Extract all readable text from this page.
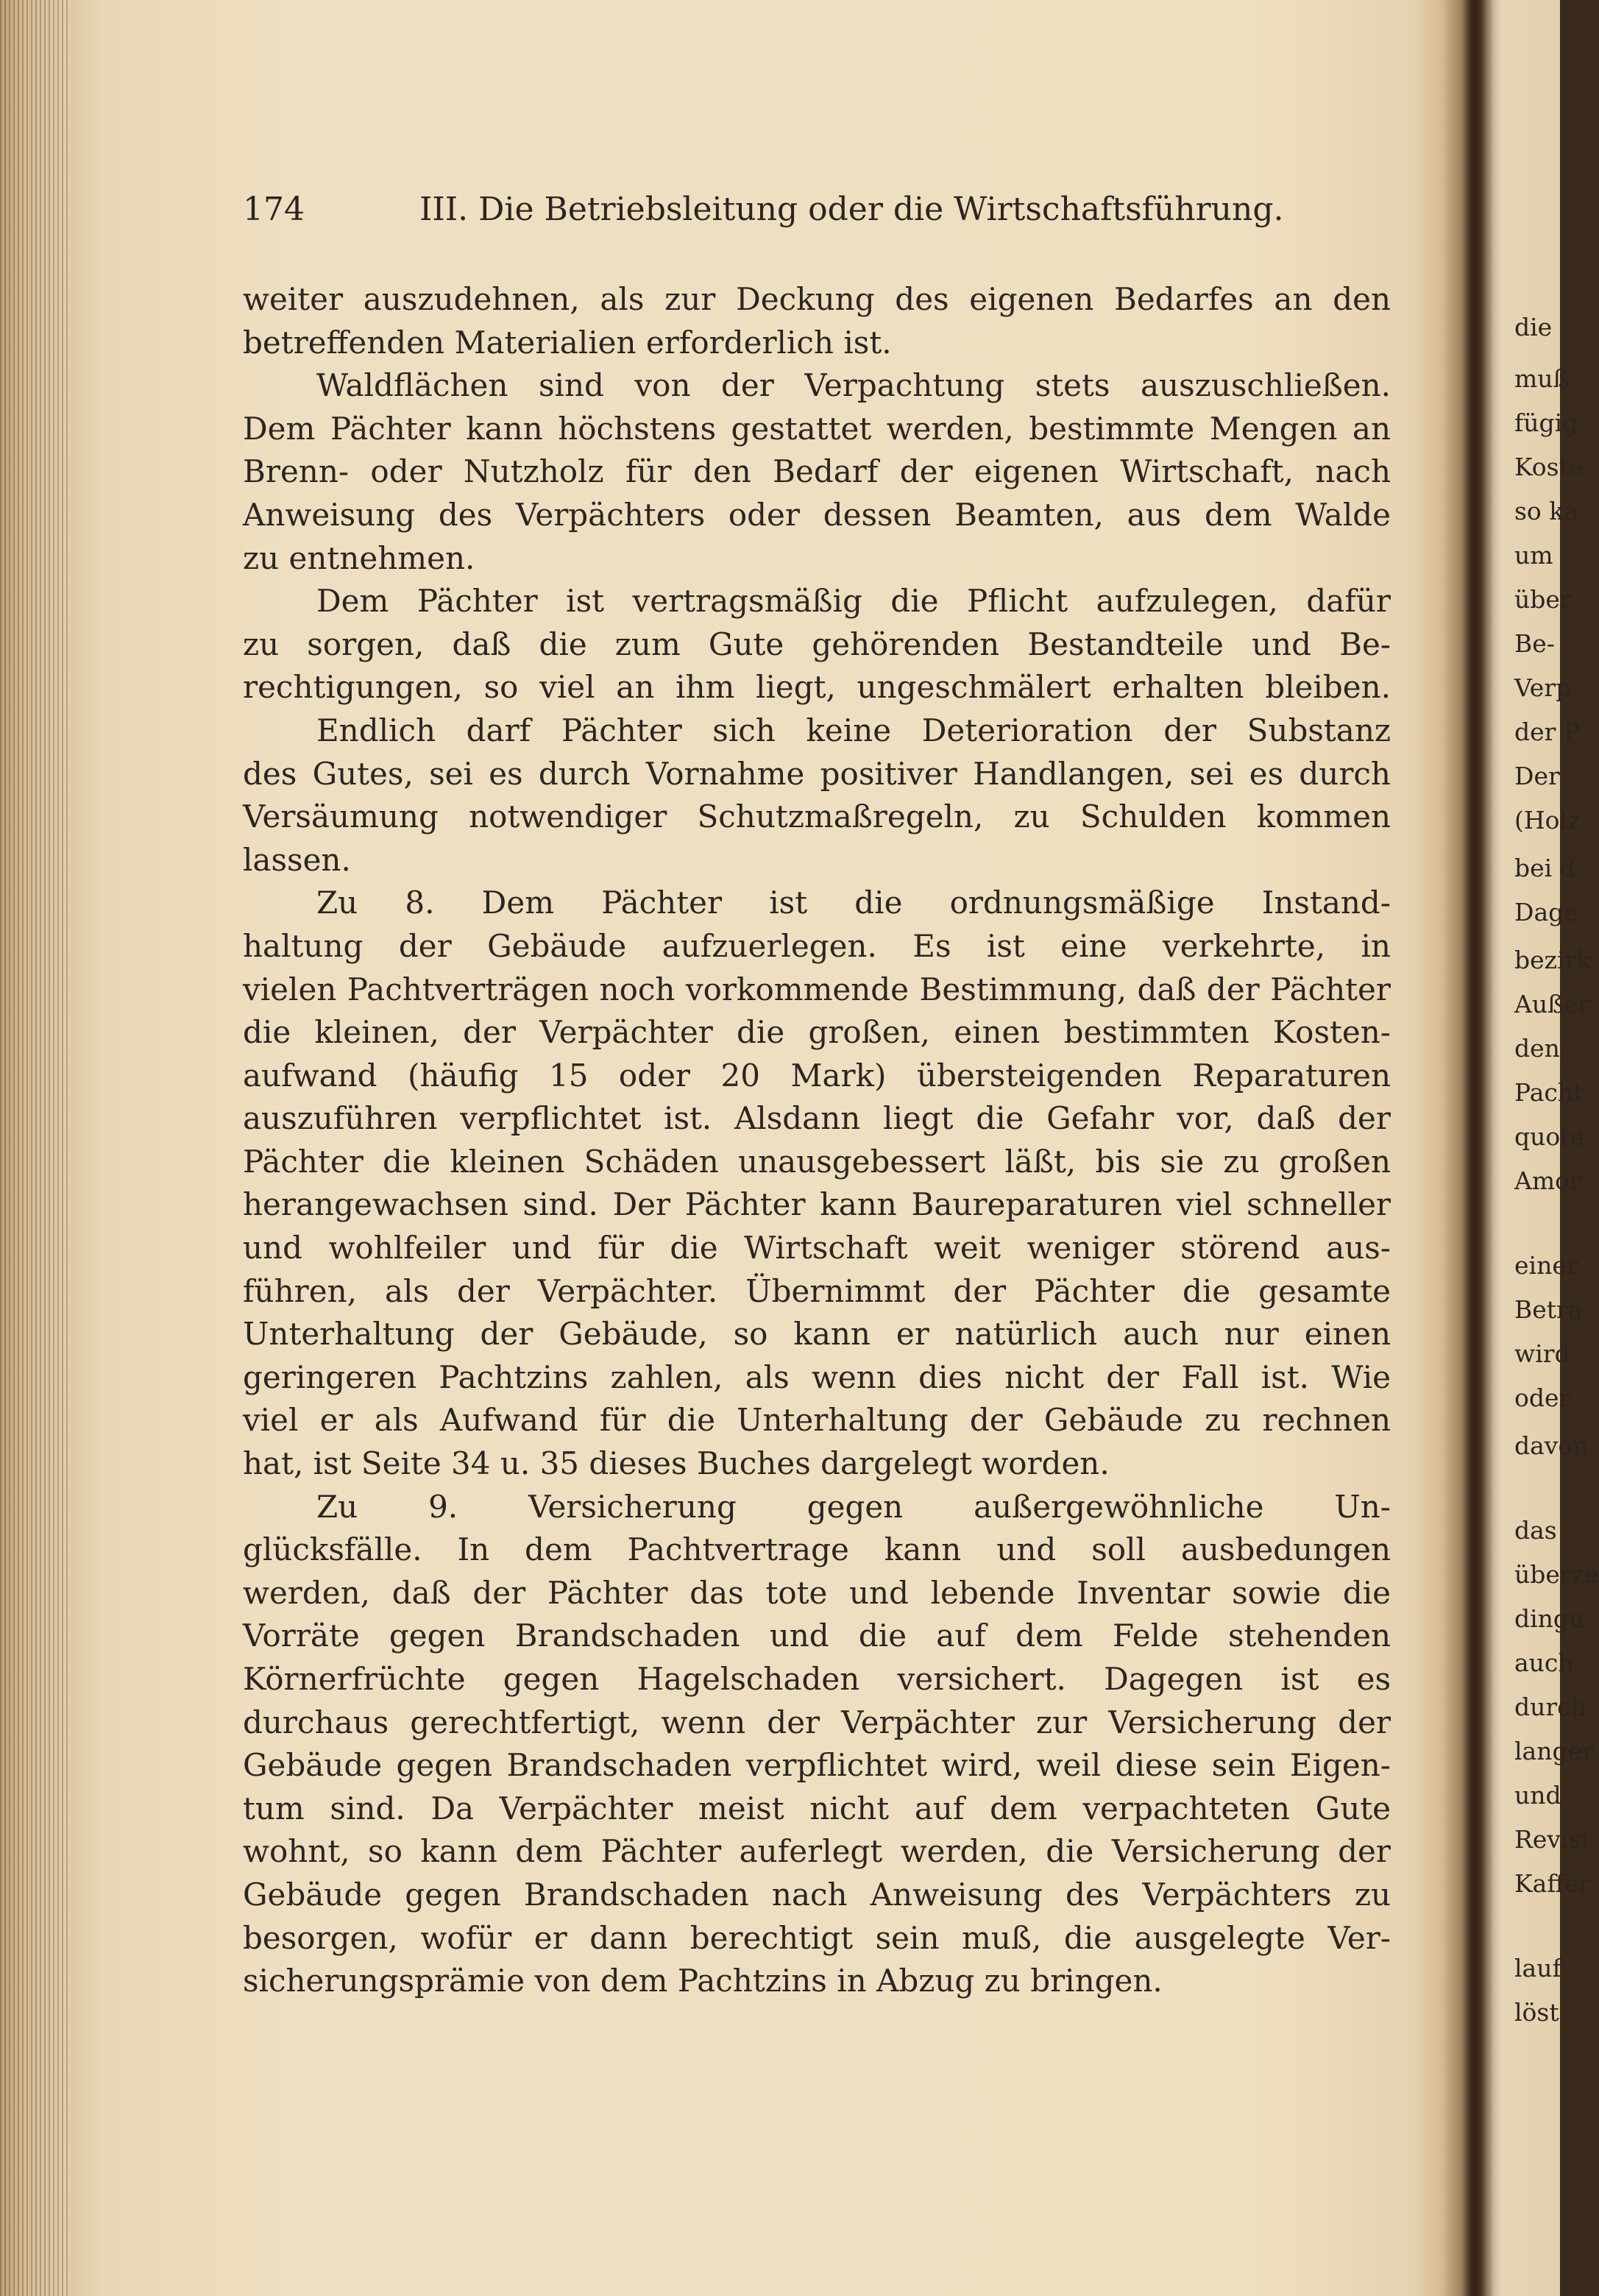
174	III. Die Betriebsleitung oder die Wirtschaftsführung.
weiter auszudehnen, als zur Deckung des eigenen Bedarfes an den
betreffenden Materialien erforderlich ist.
Waldflächen sind von der Verpachtung stets auszuschließen.
Dem Pächter kann höchstens gestattet werden, bestimmte Mengen an
Brenn- oder Nutzholz für den Bedarf der eigenen Wirtschaft, nach
Anweisung des Verpächters oder dessen Beamten, aus dem Walde
zu entnehmen.
Dem Pächter ist vertragsmäßig die Pflicht aufzulegen, dafür
zu sorgen, daß die zum Gute gehörenden Bestandteile und Be-
rechtigungen, so viel an ihm liegt, ungeschmälert erhalten bleiben.
Endlich darf Pächter sich keine Deterioration der Substanz
des Gutes, sei es durch Vornahme positiver Handlangen, sei es durch
Versäumung notwendiger Schutzmaßregeln, zu Schulden kommen
lassen.
Zu 8. Dem Pächter ist die ordnungsmäßige Instand-
haltung der Gebäude aufzuerlegen. Es ist eine verkehrte, in
vielen Pachtverträgen noch vorkommende Bestimmung, daß der Pächter
die kleinen, der Verpächter die großen, einen bestimmten Kosten-
aufwand (häufig 15 oder 20 Mark) übersteigenden Reparaturen
auszuführen verpflichtet ist. Alsdann liegt die Gefahr vor, daß der
Pächter die kleinen Schäden unausgebessert läßt, bis sie zu großen
herangewachsen sind. Der Pächter kann Baureparaturen viel schneller
und wohlfeiler und für die Wirtschaft weit weniger störend aus-
führen, als der Verpächter. Übernimmt der Pächter die gesamte
Unterhaltung der Gebäude, so kann er natürlich auch nur einen
geringeren Pachtzins zahlen, als wenn dies nicht der Fall ist. Wie
viel er als Aufwand für die Unterhaltung der Gebäude zu rechnen
hat, ist Seite 34 u. 35 dieses Buches dargelegt worden.
Zu 9. Versicherung gegen außergewöhnliche Un-
glücksfälle. In dem Pachtvertrage kann und soll ausbedungen
werden, daß der Pächter das tote und lebende Inventar sowie die
Vorräte gegen Brandschaden und die auf dem Felde stehenden
Körnerfrüchte gegen Hagelschaden versichert. Dagegen ist es
durchaus gerechtfertigt, wenn der Verpächter zur Versicherung der
Gebäude gegen Brandschaden verpflichtet wird, weil diese sein Eigen-
tum sind. Da Verpächter meist nicht auf dem verpachteten Gute
wohnt, so kann dem Pächter auferlegt werden, die Versicherung der
Gebäude gegen Brandschaden nach Anweisung des Verpächters zu
besorgen, wofür er dann berechtigt sein muß, die ausgelegte Ver-
sicherungsprämie von dem Pachtzins in Abzug zu bringen.
die
muß
fügig
Koste
so ka
um
über
Be-
Verp
der P
Der
(Holz
bei d
Dage
bezirk
Außer
den
Pacht
quote
Amor
einer
Betra
wird
oder
davon
das
überze
dingu
auch
durch
langer
und
Revisi
Kaffer
lauf
löst
